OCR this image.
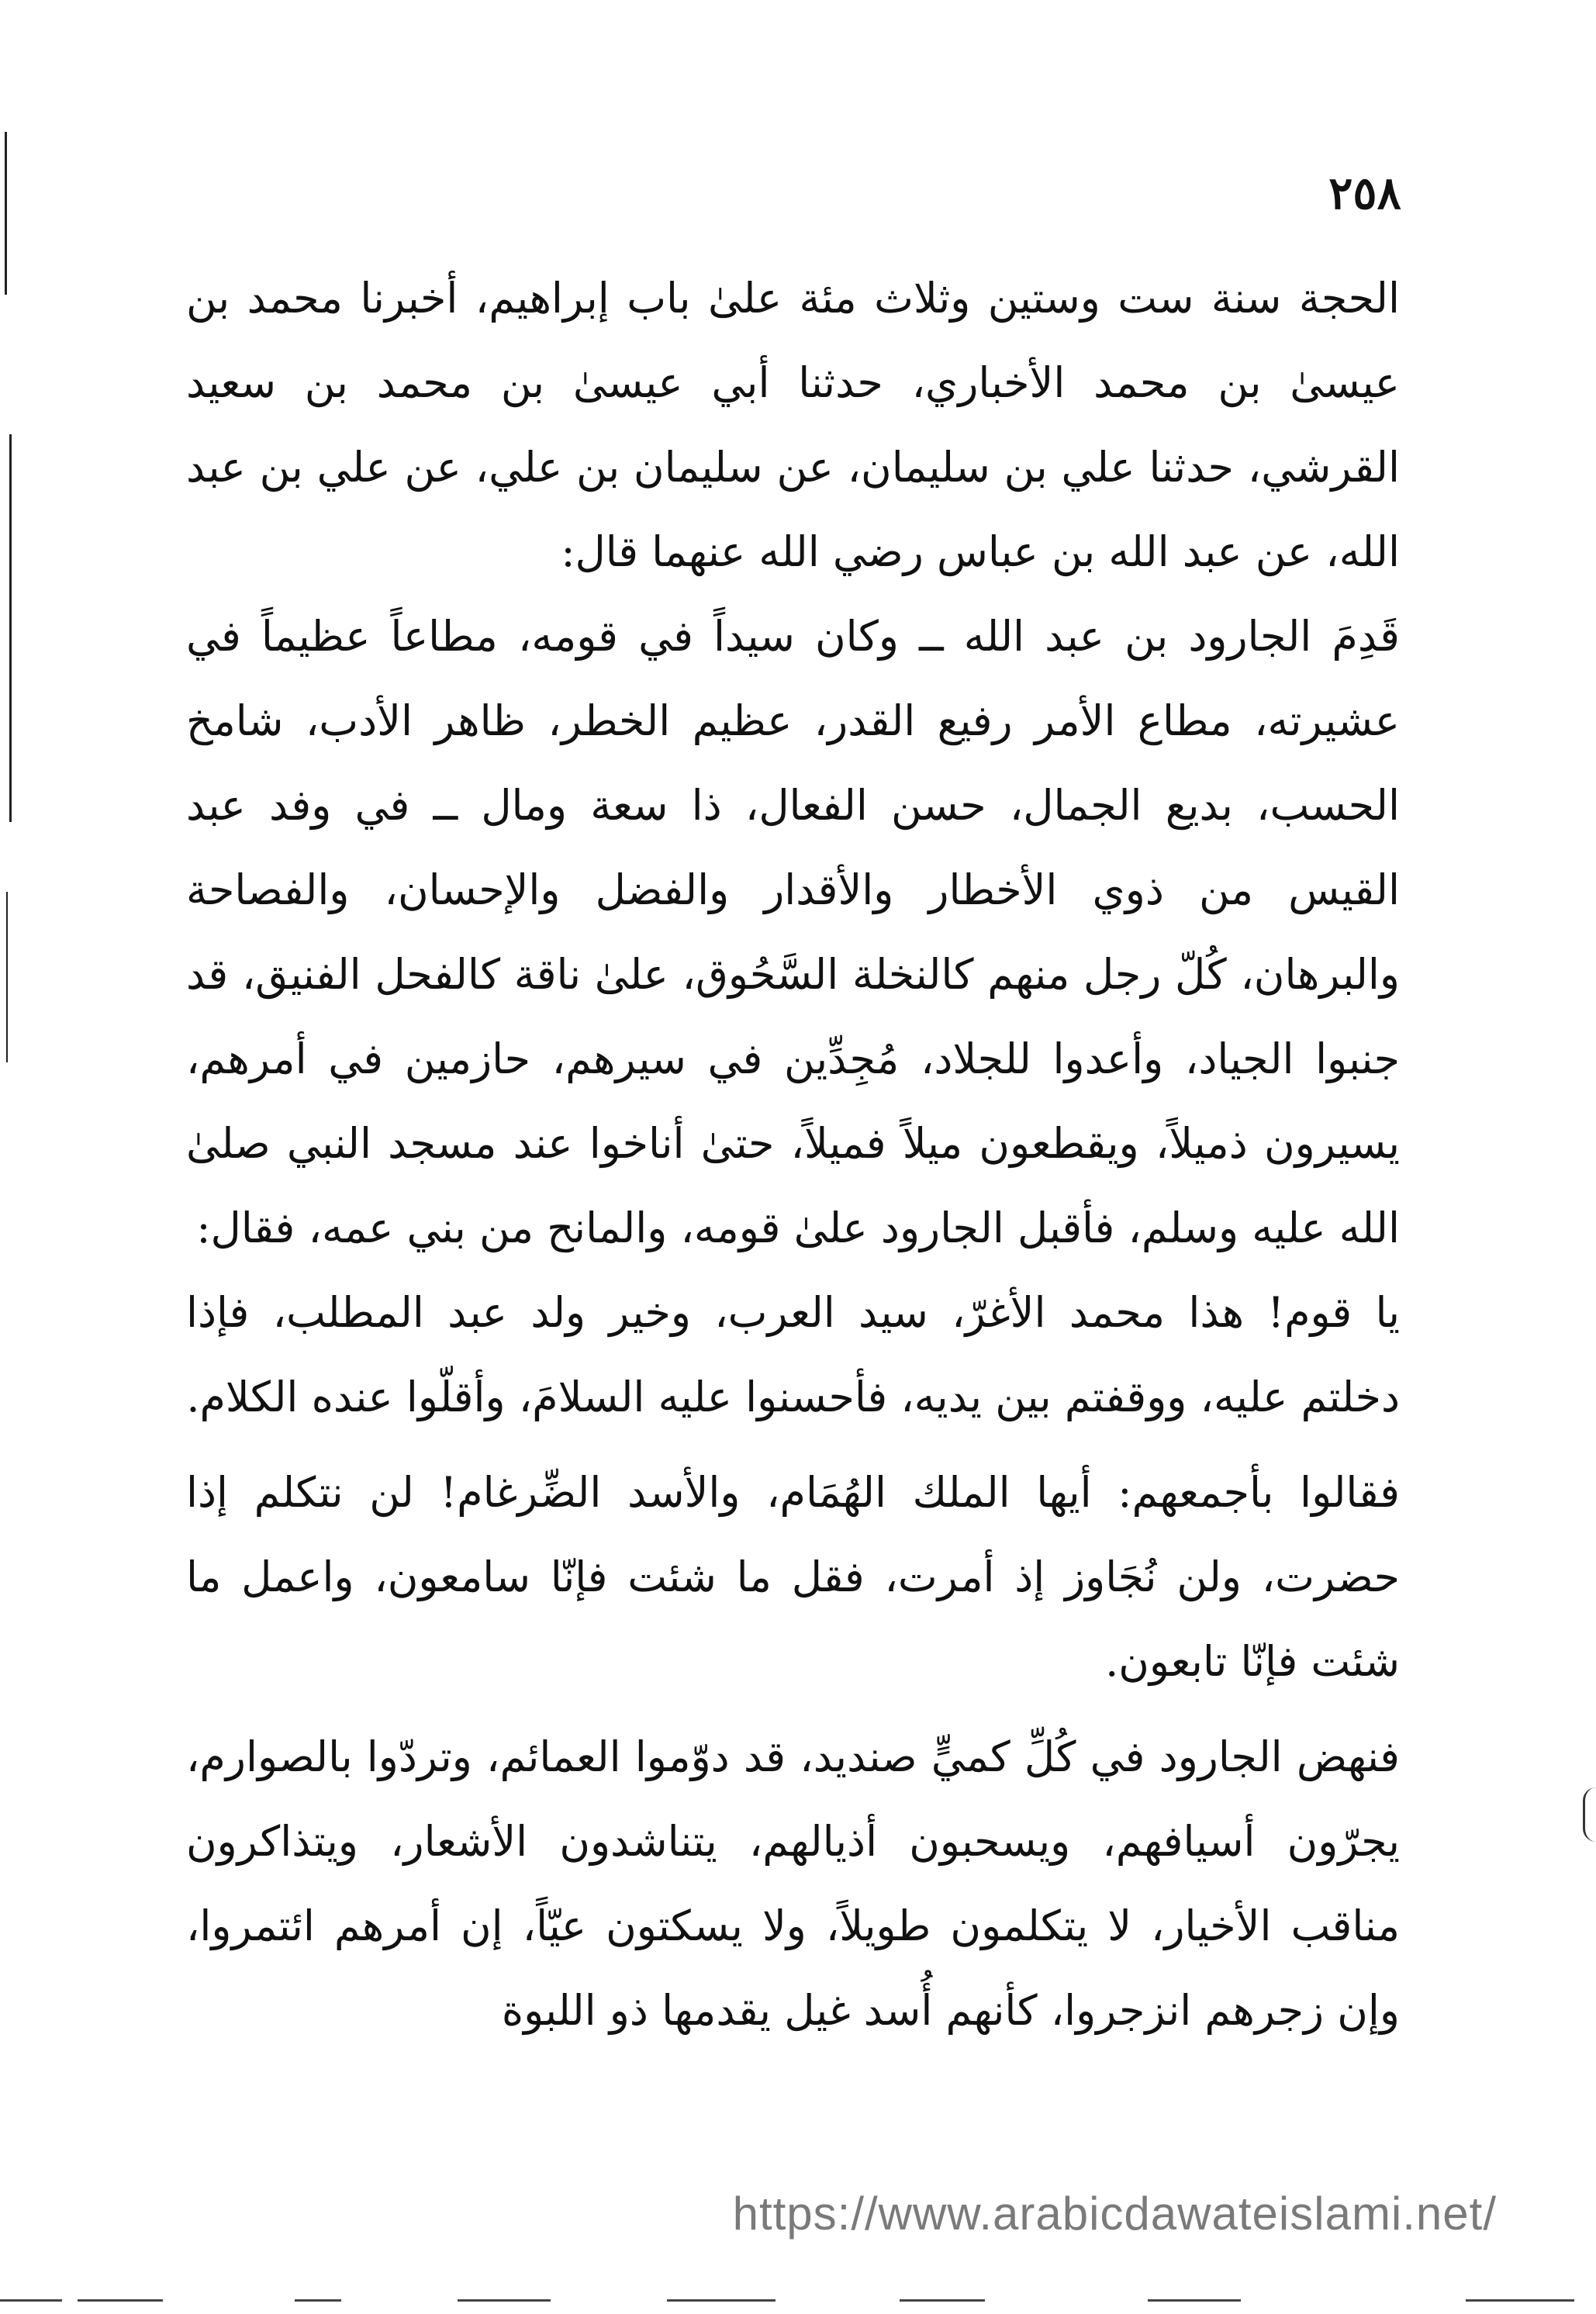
٢٥٨

الحجة سنة ست وستين وثلاث مئة علىٰ باب إبراهيم، أخبرنا محمد بن عيسىٰ بن محمد الأخباري، حدثنا أبي عيسىٰ بن محمد بن سعيد القرشي، حدثنا علي بن سليمان، عن سليمان بن علي، عن علي بن عبد الله، عن عبد الله بن عباس رضي الله عنهما قال:

قَدِمَ الجارود بن عبد الله ــ وكان سيداً في قومه، مطاعاً عظيماً في عشيرته، مطاع الأمر رفيع القدر، عظيم الخطر، ظاهر الأدب، شامخ الحسب، بديع الجمال، حسن الفعال، ذا سعة ومال ــ في وفد عبد القيس من ذوي الأخطار والأقدار والفضل والإحسان، والفصاحة والبرهان، كُلّ رجل منهم كالنخلة السَّحُوق، علىٰ ناقة كالفحل الفنيق، قد جنبوا الجياد، وأعدوا للجلاد، مُجِدِّين في سيرهم، حازمين في أمرهم، يسيرون ذميلاً، ويقطعون ميلاً فميلاً، حتىٰ أناخوا عند مسجد النبي صلىٰ الله عليه وسلم، فأقبل الجارود علىٰ قومه، والمانح من بني عمه، فقال:

يا قوم! هذا محمد الأغرّ، سيد العرب، وخير ولد عبد المطلب، فإذا دخلتم عليه، ووقفتم بين يديه، فأحسنوا عليه السلامَ، وأقلّوا عنده الكلام.

فقالوا بأجمعهم: أيها الملك الهُمَام، والأسد الضِّرغام! لن نتكلم إذا حضرت، ولن نُجَاوز إذ أمرت، فقل ما شئت فإنّا سامعون، واعمل ما شئت فإنّا تابعون.

فنهض الجارود في كُلِّ كميٍّ صنديد، قد دوّموا العمائم، وتردّوا بالصوارم، يجرّون أسيافهم، ويسحبون أذيالهم، يتناشدون الأشعار، ويتذاكرون مناقب الأخيار، لا يتكلمون طويلاً، ولا يسكتون عيّاً، إن أمرهم ائتمروا، وإن زجرهم انزجروا، كأنهم أُسد غيل يقدمها ذو اللبوة

https://www.arabicdawateislami.net/
